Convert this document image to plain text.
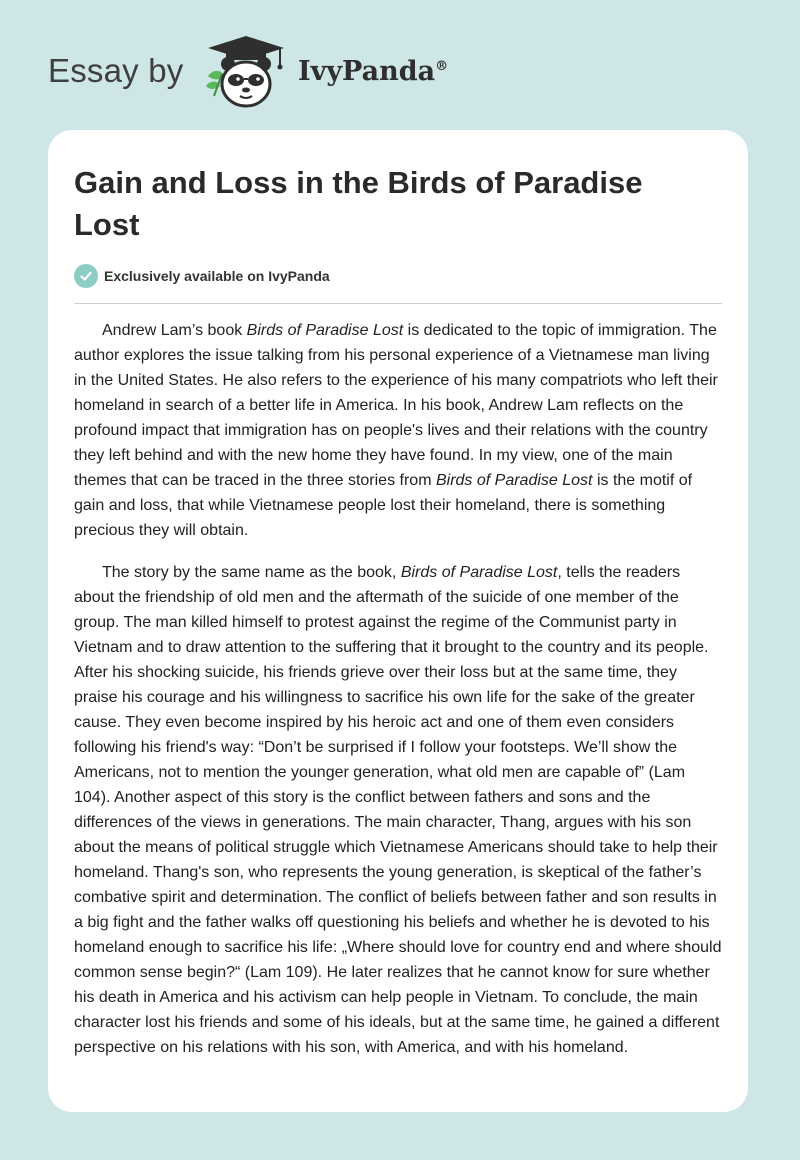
Essay by	IvyPanda®
Gain and Loss in the Birds of Paradise Lost
Exclusively available on IvyPanda

Andrew Lam’s book Birds of Paradise Lost is dedicated to the topic of immigration. The author explores the issue talking from his personal experience of a Vietnamese man living in the United States. He also refers to the experience of his many compatriots who left their homeland in search of a better life in America. In his book, Andrew Lam reflects on the profound impact that immigration has on people's lives and their relations with the country they left behind and with the new home they have found. In my view, one of the main themes that can be traced in the three stories from Birds of Paradise Lost is the motif of gain and loss, that while Vietnamese people lost their homeland, there is something precious they will obtain.

The story by the same name as the book, Birds of Paradise Lost, tells the readers about the friendship of old men and the aftermath of the suicide of one member of the group. The man killed himself to protest against the regime of the Communist party in Vietnam and to draw attention to the suffering that it brought to the country and its people. After his shocking suicide, his friends grieve over their loss but at the same time, they praise his courage and his willingness to sacrifice his own life for the sake of the greater cause. They even become inspired by his heroic act and one of them even considers following his friend's way: “Don’t be surprised if I follow your footsteps. We’ll show the Americans, not to mention the younger generation, what old men are capable of” (Lam 104). Another aspect of this story is the conflict between fathers and sons and the differences of the views in generations. The main character, Thang, argues with his son about the means of political struggle which Vietnamese Americans should take to help their homeland. Thang's son, who represents the young generation, is skeptical of the father’s combative spirit and determination. The conflict of beliefs between father and son results in a big fight and the father walks off questioning his beliefs and whether he is devoted to his homeland enough to sacrifice his life: „Where should love for country end and where should common sense begin?“ (Lam 109). He later realizes that he cannot know for sure whether his death in America and his activism can help people in Vietnam. To conclude, the main character lost his friends and some of his ideals, but at the same time, he gained a different perspective on his relations with his son, with America, and with his homeland.
